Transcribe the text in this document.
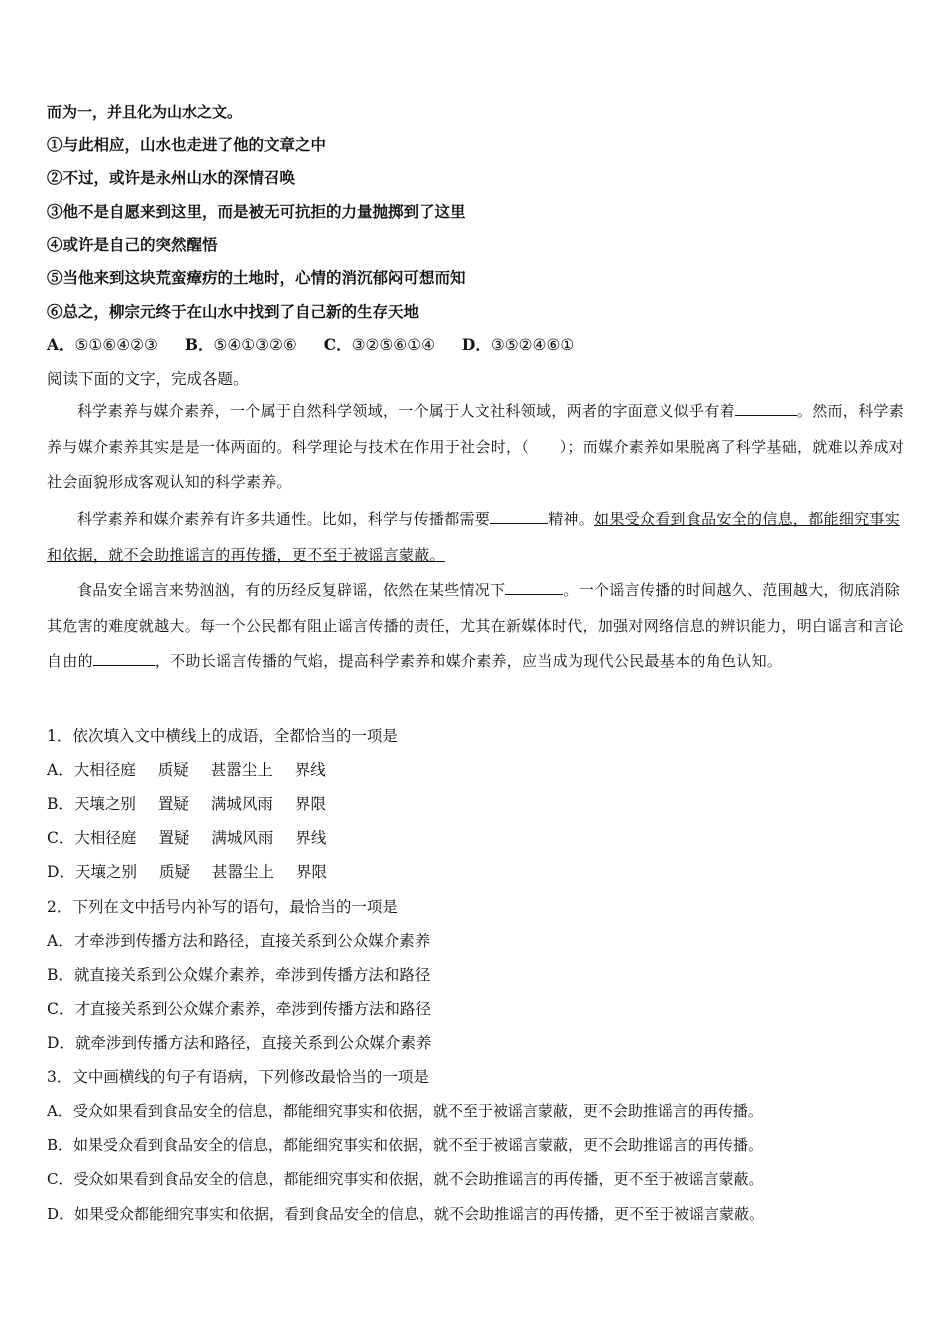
而为一，并且化为山水之文。
①与此相应，山水也走进了他的文章之中
②不过，或许是永州山水的深情召唤
③他不是自愿来到这里，而是被无可抗拒的力量抛掷到了这里
④或许是自己的突然醒悟
⑤当他来到这块荒蛮瘴疠的土地时，心情的消沉郁闷可想而知
⑥总之，柳宗元终于在山水中找到了自己新的生存天地
A．⑤①⑥④②③ B．⑤④①③②⑥ C．③②⑤⑥①④ D．③⑤②④⑥①
阅读下面的文字，完成各题。
科学素养与媒介素养，一个属于自然科学领域，一个属于人文社科领域，两者的字面意义似乎有着	。然而，科学素养与媒介素养其实是是一体两面的。科学理论与技术在作用于社会时，（　　）；而媒介素养如果脱离了科学基础，就难以养成对社会面貌形成客观认知的科学素养。
科学素养和媒介素养有许多共通性。比如，科学与传播都需要	精神。如果受众看到食品安全的信息，都能细究事实和依据，就不会助推谣言的再传播，更不至于被谣言蒙蔽。
食品安全谣言来势汹汹，有的历经反复辟谣，依然在某些情况下	。一个谣言传播的时间越久、范围越大，彻底消除其危害的难度就越大。每一个公民都有阻止谣言传播的责任，尤其在新媒体时代，加强对网络信息的辨识能力，明白谣言和言论自由的	，不助长谣言传播的气焰，提高科学素养和媒介素养，应当成为现代公民最基本的角色认知。
1．依次填入文中横线上的成语，全都恰当的一项是
A．大相径庭 质疑 甚嚣尘上 界线
B．天壤之别 置疑 满城风雨 界限
C．大相径庭 置疑 满城风雨 界线
D．天壤之别 质疑 甚嚣尘上 界限
2．下列在文中括号内补写的语句，最恰当的一项是
A．才牵涉到传播方法和路径，直接关系到公众媒介素养
B．就直接关系到公众媒介素养，牵涉到传播方法和路径
C．才直接关系到公众媒介素养，牵涉到传播方法和路径
D．就牵涉到传播方法和路径，直接关系到公众媒介素养
3．文中画横线的句子有语病，下列修改最恰当的一项是
A．受众如果看到食品安全的信息，都能细究事实和依据，就不至于被谣言蒙蔽，更不会助推谣言的再传播。
B．如果受众看到食品安全的信息，都能细究事实和依据，就不至于被谣言蒙蔽，更不会助推谣言的再传播。
C．受众如果看到食品安全的信息，都能细究事实和依据，就不会助推谣言的再传播，更不至于被谣言蒙蔽。
D．如果受众都能细究事实和依据，看到食品安全的信息，就不会助推谣言的再传播，更不至于被谣言蒙蔽。
